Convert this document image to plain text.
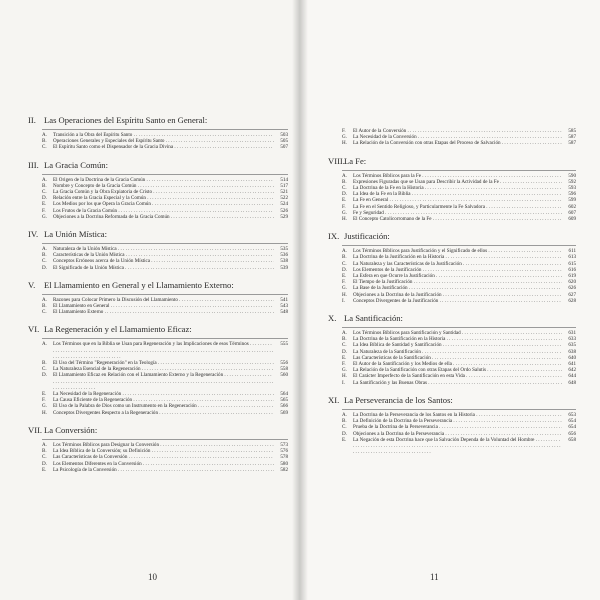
II. Las Operaciones del Espíritu Santo en General:
A.	Transición a la Obra del Espíritu Santo . . .	503
B.	Operaciones Generales y Especiales del Espíritu Santo . . .	505
C.	El Espíritu Santo como el Dispensador de la Gracia Divina . . .	507
III. La Gracia Común:
A.	El Origen de la Doctrina de la Gracia Común . . .	514
B.	Nombre y Concepto de la Gracia Común . . .	517
C.	La Gracia Común y la Obra Expiatoria de Cristo . . .	521
D.	Relación entre la Gracia Especial y la Común . . .	522
E.	Los Medios por los que Opera la Gracia Común . . .	524
F.	Los Frutos de la Gracia Común . . .	526
G.	Objeciones a la Doctrina Reformada de la Gracia Común . . .	529
IV. La Unión Mística:
A.	Naturaleza de la Unión Mística . . .	535
B.	Características de la Unión Mística . . .	536
C.	Conceptos Erróneos acerca de la Unión Mística . . .	538
D.	El Significado de la Unión Mística . . .	539
V. El Llamamiento en General y el Llamamiento Externo:
A.	Razones para Colocar Primero la Discusión del Llamamiento . . .	541
B.	El Llamamiento en General . . .	543
C.	El Llamamiento Externo . . .	548
VI. La Regeneración y el Llamamiento Eficaz:
A.	Los Términos que en la Biblia se Usan para Regeneración y las Implicaciones de esos Términos . . .	555
B.	El Uso del Término "Regeneración" en la Teología . . .	556
C.	La Naturaleza Esencial de la Regeneración . . .	558
D.	El Llamamiento Eficaz en Relación con el Llamamiento Externo y la Regeneración . . .	560
E.	La Necesidad de la Regeneración . . .	564
F.	La Causa Eficiente de la Regeneración . . .	565
G.	El Uso de la Palabra de Dios como un Instrumento en la Regeneración . . .	566
H.	Conceptos Divergentes Respecto a la Regeneración . . .	569
VII. La Conversión:
A.	Los Términos Bíblicos para Designar la Conversión . . .	573
B.	La Idea Bíblica de la Conversión; su Definición . . .	576
C.	Las Características de la Conversión . . .	578
D.	Los Elementos Diferentes en la Conversión . . .	580
E.	La Psicología de la Conversión . . .	582
10
F.	El Autor de la Conversión . . .	585
G.	La Necesidad de la Conversión . . .	587
H.	La Relación de la Conversión con otras Etapas del Proceso de Salvación . . .	587
VIII.La Fe:
A.	Los Términos Bíblicos para la Fe . . .	590
B.	Expresiones Figuradas que se Usan para Describir la Actividad de la Fe . . .	592
C.	La Doctrina de la Fe en la Historia . . .	593
D.	La Idea de la Fe en la Biblia . . .	596
E.	La Fe en General . . .	599
F.	La Fe en el Sentido Religioso, y Particularmente la Fe Salvadora . . .	602
G.	Fe y Seguridad . . .	607
H.	El Concepto Catolicorromano de la Fe . . .	609
IX. Justificación:
A.	Los Términos Bíblicos para Justificación y el Significado de ellos . . .	611
B.	La Doctrina de la Justificación en la Historia . . .	613
C.	La Naturaleza y las Características de la Justificación . . .	615
D.	Los Elementos de la Justificación . . .	616
E.	La Esfera en que Ocurre la Justificación . . .	619
F.	El Tiempo de la Justificación . . .	620
G.	La Base de la Justificación . . .	626
H.	Objeciones a la Doctrina de la Justificación . . .	627
I.	Conceptos Divergentes de la Justificación . . .	628
X. La Santificación:
A.	Los Términos Bíblicos para Santificación y Santidad . . .	631
B.	La Doctrina de la Santificación en la Historia . . .	633
C.	La Idea Bíblica de Santidad y Santificación . . .	635
D.	La Naturaleza de la Santificación . . .	638
E.	Las Características de la Santificación . . .	640
F.	El Autor de la Santificación y los Medios de ella . . .	641
G.	La Relación de la Santificación con otras Etapas del Ordo Salutis . . .	642
H.	El Carácter Imperfecto de la Santificación en esta Vida . . .	644
I.	La Santificación y las Buenas Obras . . .	648
XI. La Perseverancia de los Santos:
A.	La Doctrina de la Perseverancia de los Santos en la Historia . . .	653
B.	La Definición de la Doctrina de la Perseverancia . . .	654
C.	Prueba de la Doctrina de la Perseverancia . . .	654
D.	Objeciones a la Doctrina de la Perseverancia . . .	656
E.	La Negación de esta Doctrina hace que la Salvación Dependa de la Voluntad del Hombre . . .	658
11
